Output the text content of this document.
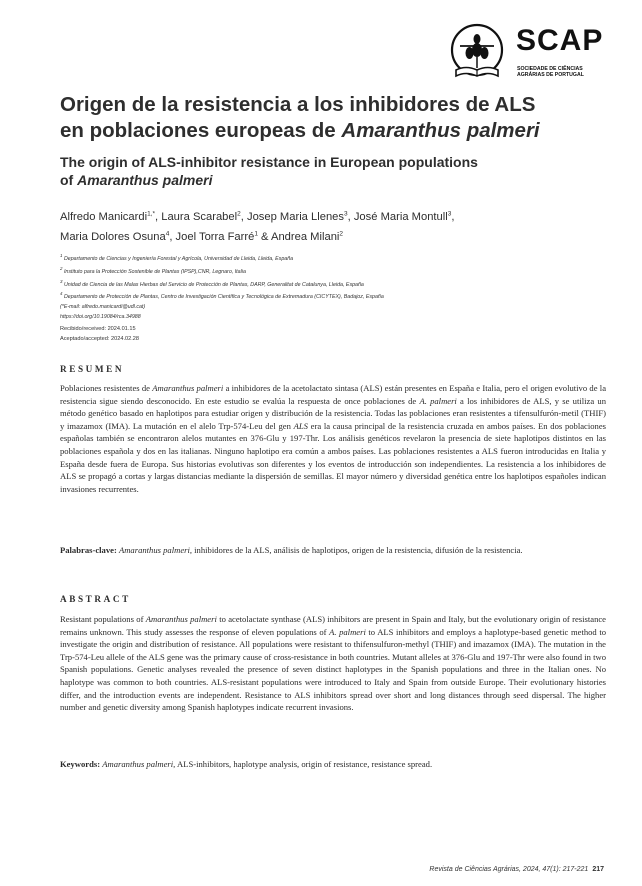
SCAP
SOCIEDADE DE CIÊNCIAS
AGRÁRIAS DE PORTUGAL
Origen de la resistencia a los inhibidores de ALS
en poblaciones europeas de Amaranthus palmeri
The origin of ALS-inhibitor resistance in European populations
of Amaranthus palmeri
Alfredo Manicardi$^{1,*}$, Laura Scarabel$^2$, Josep Maria Llenes$^3$, José Maria Montull$^3$,
Maria Dolores Osuna$^4$, Joel Torra Farré$^1$ & Andrea Milani$^2$
$^1$ Departamento de Ciencias y Ingeniería Forestal y Agrícola, Universidad de Lleida, Lleida, España
$^2$ Instituto para la Protección Sostenible de Plantas (IPSP),CNR, Legnaro, Italia
$^3$ Unidad de Ciencia de las Malas Hierbas del Servicio de Protección de Plantas, DARP, Generalitat de Catalunya, Lleida, España
$^4$ Departamento de Protección de Plantas, Centro de Investigación Científica y Tecnológica de Extremadura (CICYTEX), Badajoz, España
(*E-mail: alfredo.manicardi@udl.cat)
https://doi.org/10.19084/rca.34988
Recibido/received: 2024.01.15
Aceptado/accepted: 2024.02.28
RESUMEN

Poblaciones resistentes de Amaranthus palmeri a inhibidores de la acetolactato sintasa (ALS) están presentes en España e Italia, pero el origen evolutivo de la resistencia sigue siendo desconocido. En este estudio se evalúa la respuesta de once poblaciones de A. palmeri a los inhibidores de ALS, y se utiliza un método genético basado en haplotipos para estudiar origen y distribución de la resistencia. Todas las poblaciones eran resistentes a tifensulfurón-metil (THIF) y imazamox (IMA). La mutación en el alelo Trp-574-Leu del gen ALS era la causa principal de la resistencia cruzada en ambos países. En dos poblaciones españolas también se encontraron alelos mutantes en 376-Glu y 197-Thr. Los análisis genéticos revelaron la presencia de siete haplotipos distintos en las poblaciones española y dos en las italianas. Ninguno haplotipo era común a ambos países. Las poblaciones resistentes a ALS fueron introducidas en Italia y España desde fuera de Europa. Sus historias evolutivas son diferentes y los eventos de introducción son independientes. La resistencia a los inhibidores de ALS se propagó a cortas y largas distancias mediante la dispersión de semillas. El mayor número y diversidad genética entre los haplotipos españoles indican invasiones recurrentes.

Palabras-clave: Amaranthus palmeri, inhibidores de la ALS, análisis de haplotipos, origen de la resistencia, difusión de la resistencia.

ABSTRACT

Resistant populations of Amaranthus palmeri to acetolactate synthase (ALS) inhibitors are present in Spain and Italy, but the evolutionary origin of resistance remains unknown. This study assesses the response of eleven populations of A. palmeri to ALS inhibitors and employs a haplotype-based genetic method to investigate the origin and distribution of resistance. All populations were resistant to thifensulfuron-methyl (THIF) and imazamox (IMA). The mutation in the Trp-574-Leu allele of the ALS gene was the primary cause of cross-resistance in both countries. Mutant alleles at 376-Glu and 197-Thr were also found in two Spanish populations. Genetic analyses revealed the presence of seven distinct haplotypes in the Spanish populations and three in the Italian ones. No haplotype was common to both countries. ALS-resistant populations were introduced to Italy and Spain from outside Europe. Their evolutionary histories differ, and the introduction events are independent. Resistance to ALS inhibitors spread over short and long distances through seed dispersal. The higher number and genetic diversity among Spanish haplotypes indicate recurrent invasions.

Keywords: Amaranthus palmeri, ALS-inhibitors, haplotype analysis, origin of resistance, resistance spread.

Revista de Ciências Agrárias, 2024, 47(1): 217-221 217
